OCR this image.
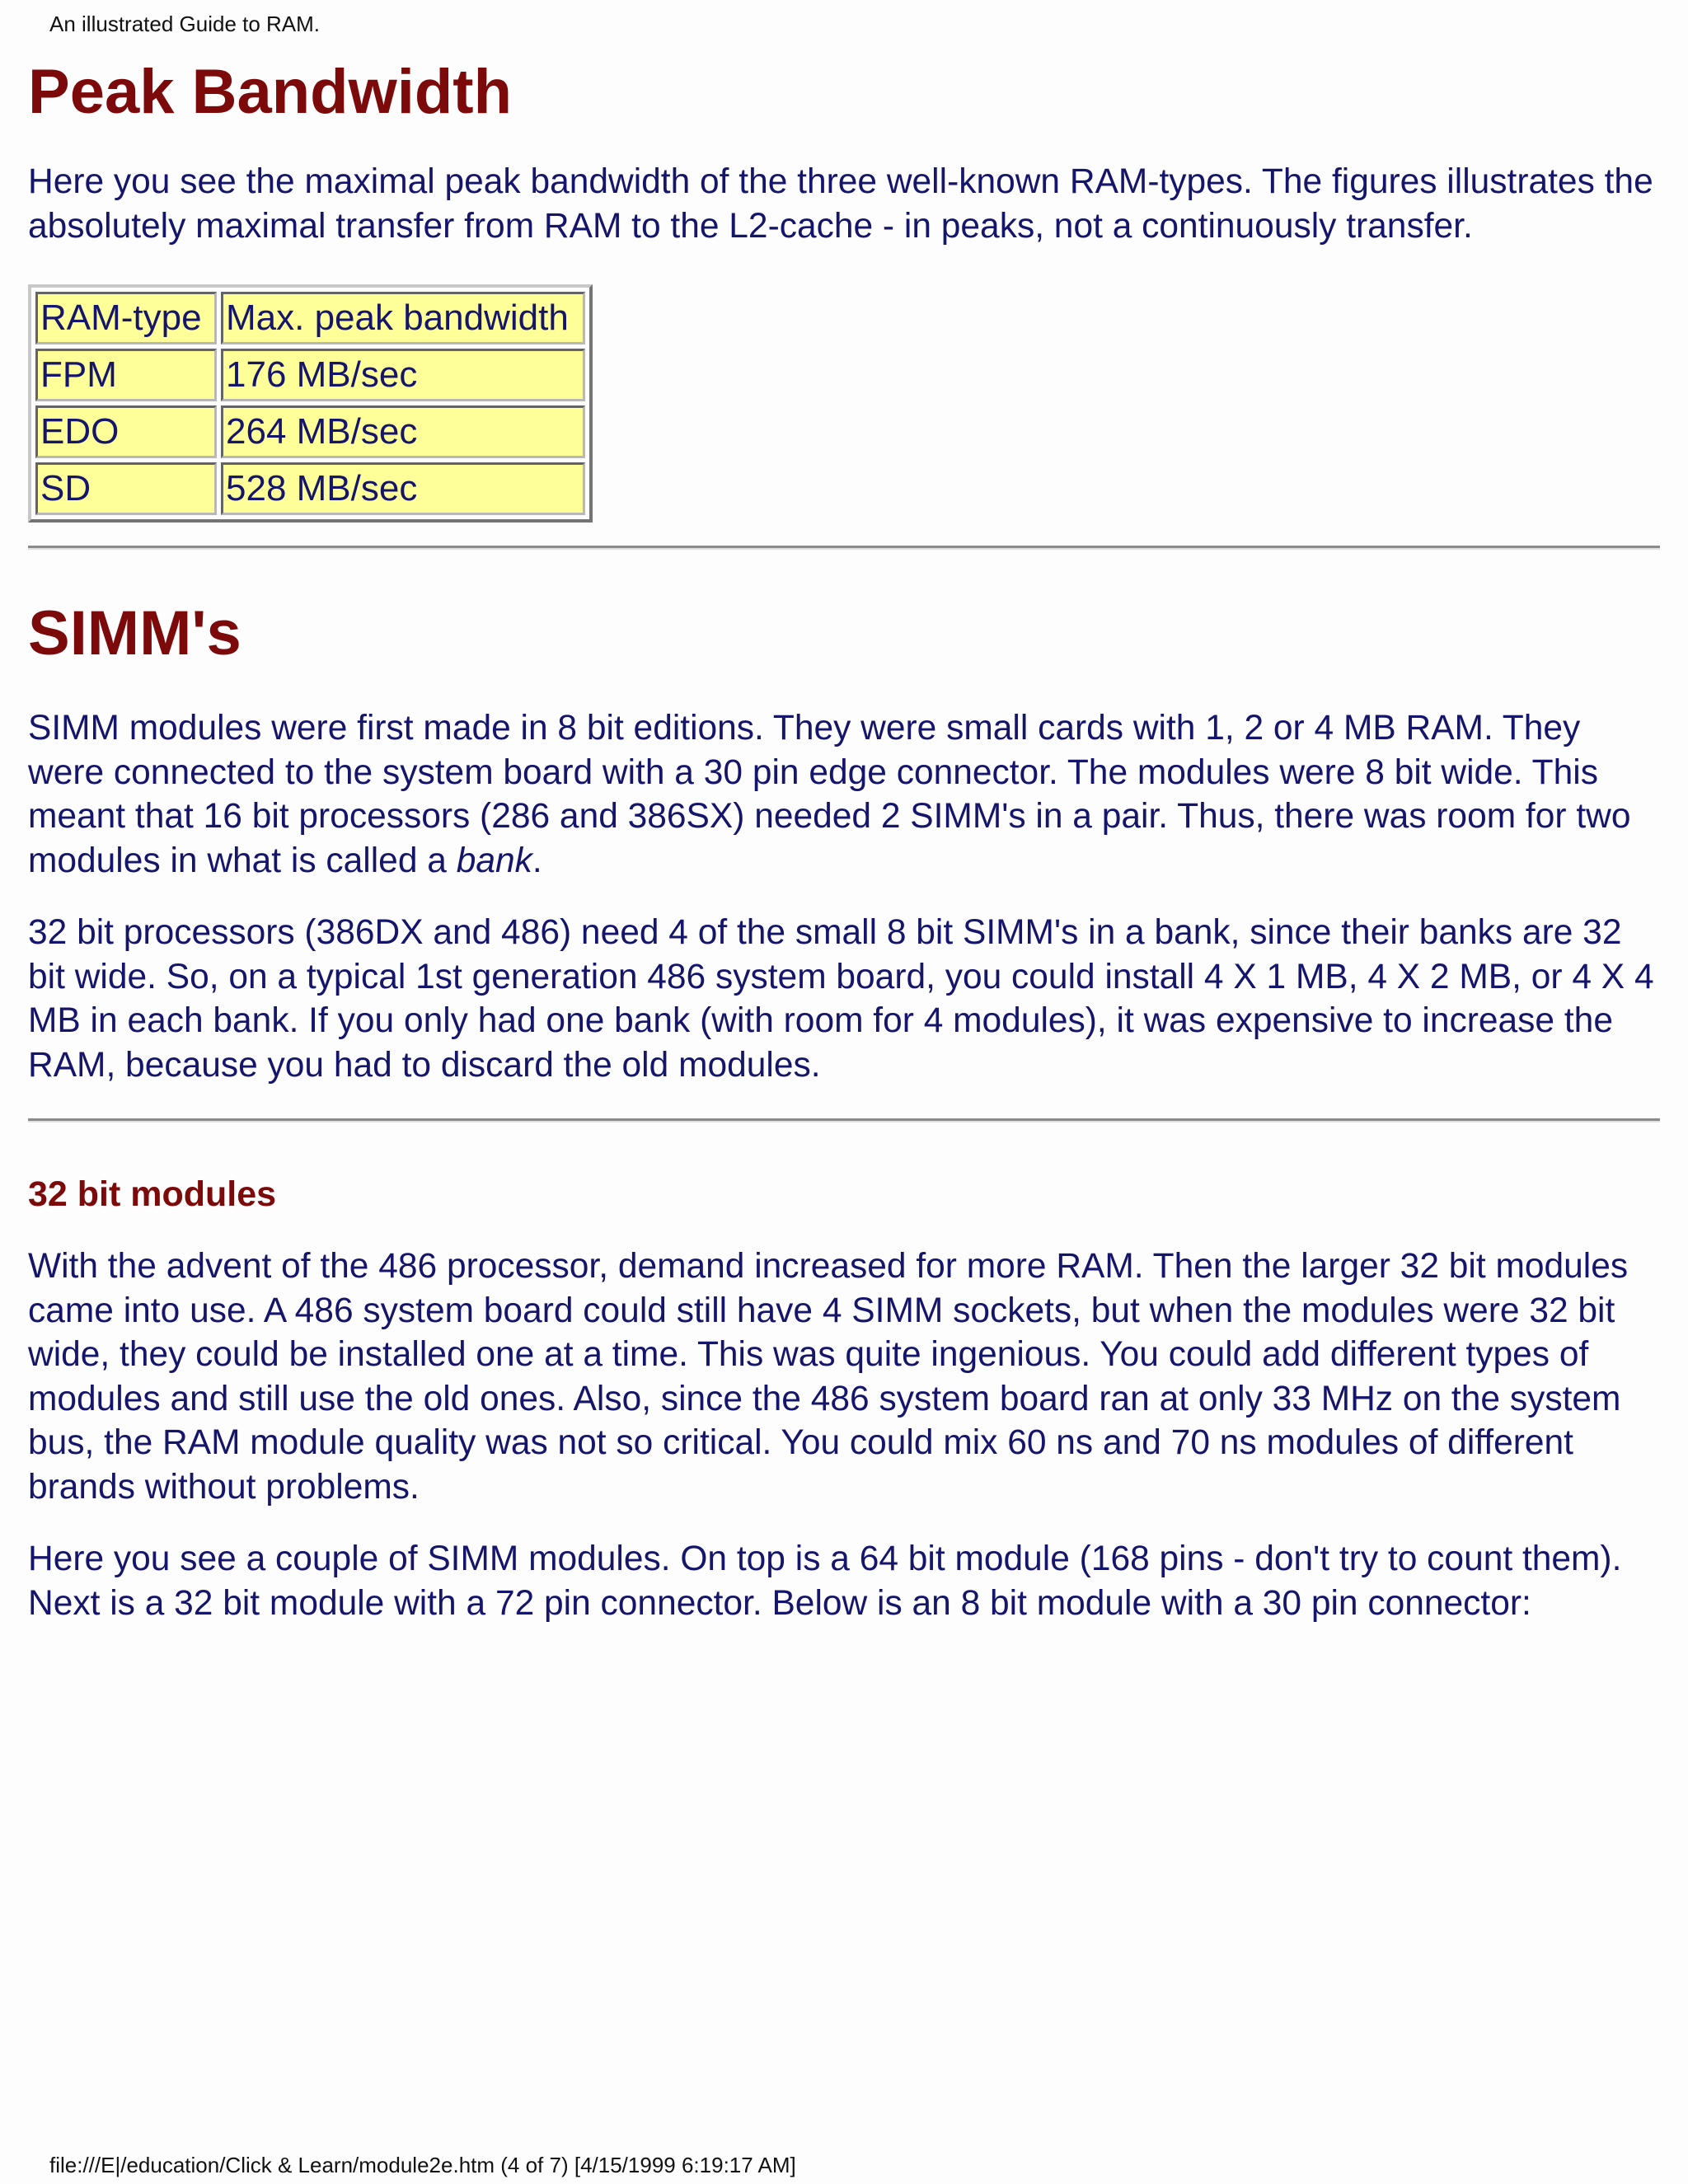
An illustrated Guide to RAM.
Peak Bandwidth

Here you see the maximal peak bandwidth of the three well-known RAM-types. The figures illustrates the absolutely maximal transfer from RAM to the L2-cache - in peaks, not a continuously transfer.

RAM-type	Max. peak bandwidth
FPM	176 MB/sec
EDO	264 MB/sec
SD	528 MB/sec
SIMM's

SIMM modules were first made in 8 bit editions. They were small cards with 1, 2 or 4 MB RAM. They were connected to the system board with a 30 pin edge connector. The modules were 8 bit wide. This meant that 16 bit processors (286 and 386SX) needed 2 SIMM's in a pair. Thus, there was room for two modules in what is called a bank.

32 bit processors (386DX and 486) need 4 of the small 8 bit SIMM's in a bank, since their banks are 32 bit wide. So, on a typical 1st generation 486 system board, you could install 4 X 1 MB, 4 X 2 MB, or 4 X 4 MB in each bank. If you only had one bank (with room for 4 modules), it was expensive to increase the RAM, because you had to discard the old modules.

32 bit modules

With the advent of the 486 processor, demand increased for more RAM. Then the larger 32 bit modules came into use. A 486 system board could still have 4 SIMM sockets, but when the modules were 32 bit wide, they could be installed one at a time. This was quite ingenious. You could add different types of modules and still use the old ones. Also, since the 486 system board ran at only 33 MHz on the system bus, the RAM module quality was not so critical. You could mix 60 ns and 70 ns modules of different brands without problems.

Here you see a couple of SIMM modules. On top is a 64 bit module (168 pins - don't try to count them). Next is a 32 bit module with a 72 pin connector. Below is an 8 bit module with a 30 pin connector:

file:///E|/education/Click & Learn/module2e.htm (4 of 7) [4/15/1999 6:19:17 AM]
